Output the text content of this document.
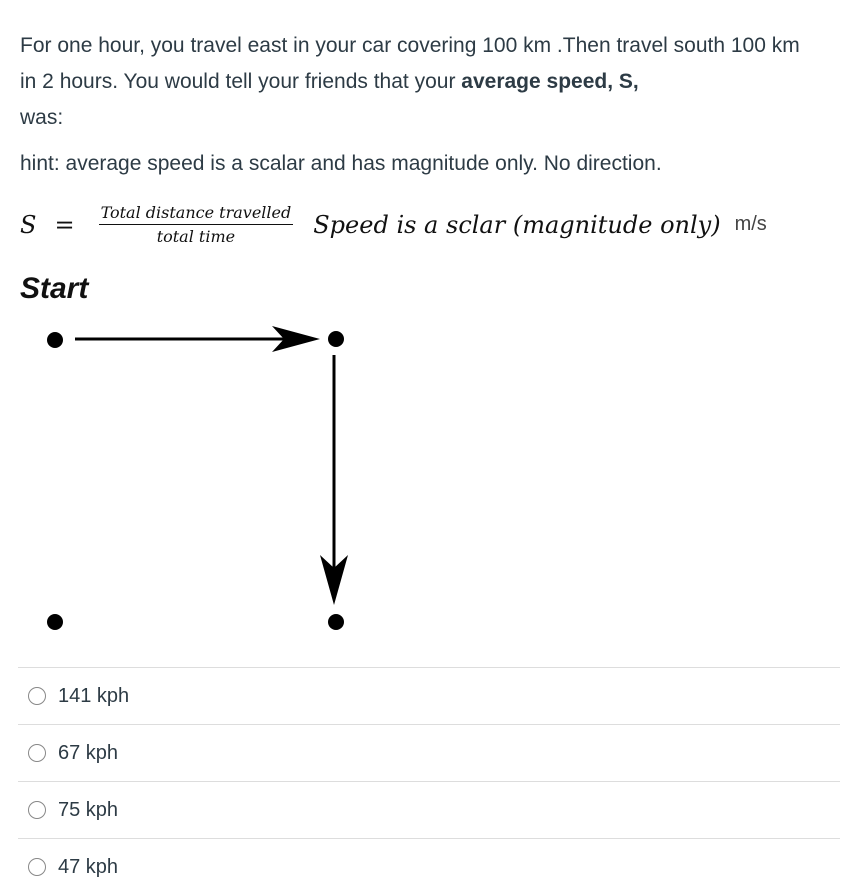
For one hour, you travel east in your car covering 100 km .Then travel south 100 km in 2 hours. You would tell your friends that your average speed, S,
was:
hint: average speed is a scalar and has magnitude only. No direction.
$S = \frac{\text{Total distance travelled}}{\text{total time}}$ Speed is a sclar (magnitude only) m/s
Start
141 kph
67 kph
75 kph
47 kph
